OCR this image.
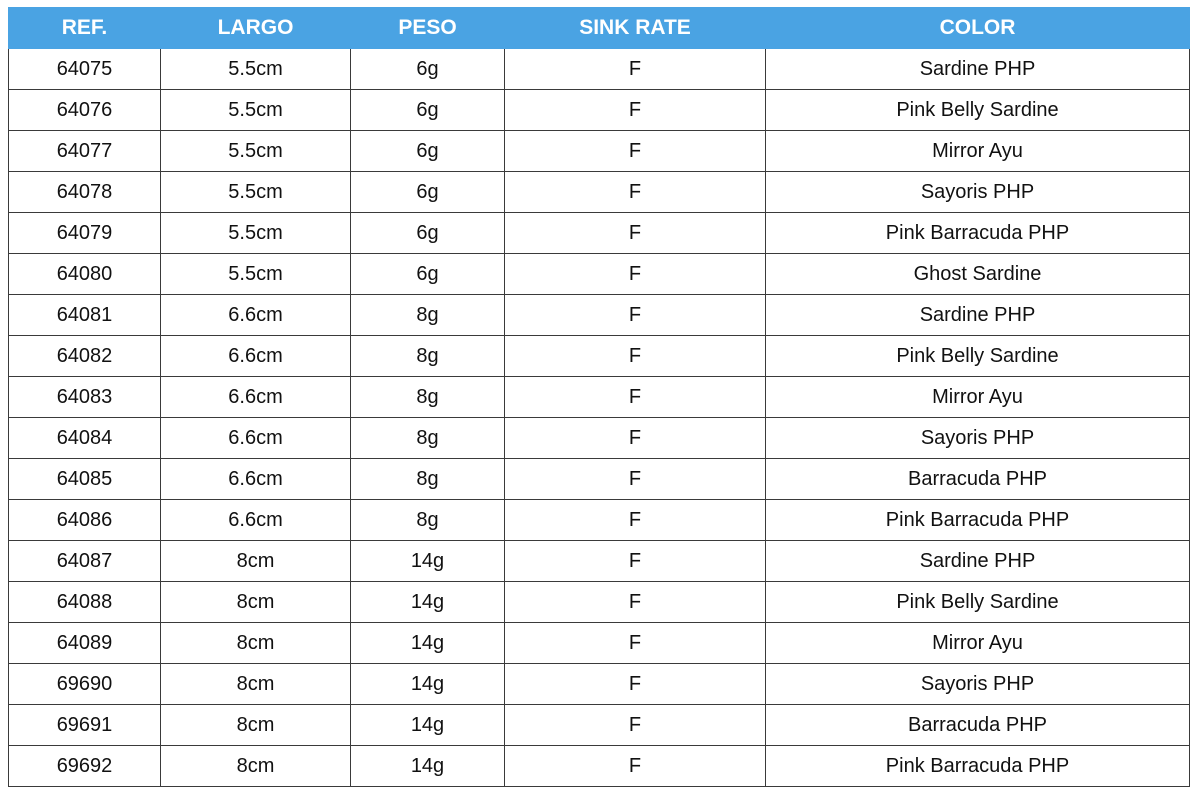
REF.	LARGO	PESO	SINK RATE	COLOR
64075	5.5cm	6g	F	Sardine PHP
64076	5.5cm	6g	F	Pink Belly Sardine
64077	5.5cm	6g	F	Mirror Ayu
64078	5.5cm	6g	F	Sayoris PHP
64079	5.5cm	6g	F	Pink Barracuda PHP
64080	5.5cm	6g	F	Ghost Sardine
64081	6.6cm	8g	F	Sardine PHP
64082	6.6cm	8g	F	Pink Belly Sardine
64083	6.6cm	8g	F	Mirror Ayu
64084	6.6cm	8g	F	Sayoris PHP
64085	6.6cm	8g	F	Barracuda PHP
64086	6.6cm	8g	F	Pink Barracuda PHP
64087	8cm	14g	F	Sardine PHP
64088	8cm	14g	F	Pink Belly Sardine
64089	8cm	14g	F	Mirror Ayu
69690	8cm	14g	F	Sayoris PHP
69691	8cm	14g	F	Barracuda PHP
69692	8cm	14g	F	Pink Barracuda PHP
